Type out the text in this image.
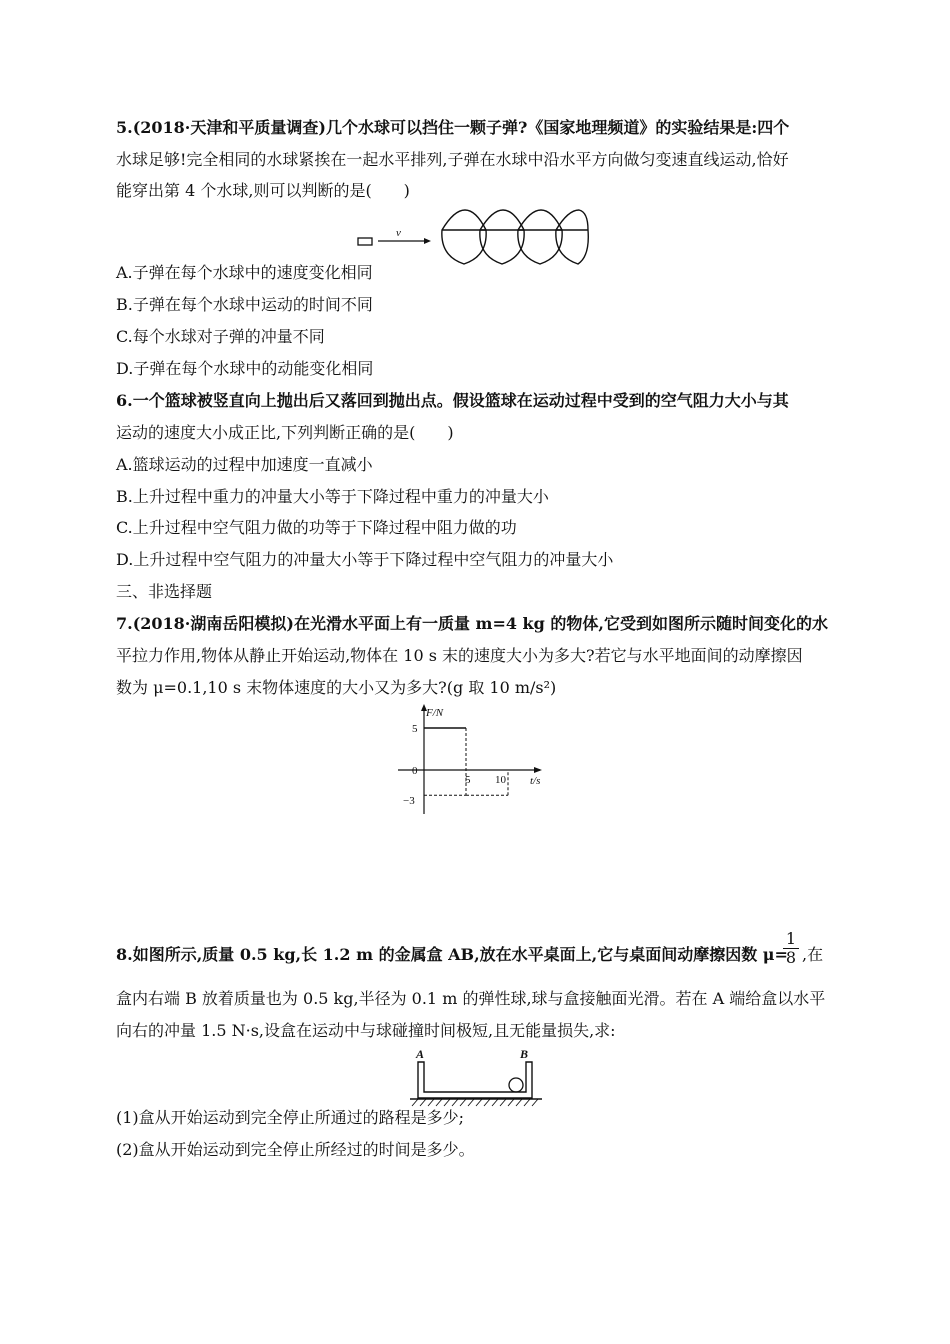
5.(2018·天津和平质量调查)几个水球可以挡住一颗子弹?《国家地理频道》的实验结果是:四个
水球足够!完全相同的水球紧挨在一起水平排列,子弹在水球中沿水平方向做匀变速直线运动,恰好
能穿出第 4 个水球,则可以判断的是(　　)
v
A.子弹在每个水球中的速度变化相同
B.子弹在每个水球中运动的时间不同
C.每个水球对子弹的冲量不同
D.子弹在每个水球中的动能变化相同
6.一个篮球被竖直向上抛出后又落回到抛出点。假设篮球在运动过程中受到的空气阻力大小与其
运动的速度大小成正比,下列判断正确的是(　　)
A.篮球运动的过程中加速度一直减小
B.上升过程中重力的冲量大小等于下降过程中重力的冲量大小
C.上升过程中空气阻力做的功等于下降过程中阻力做的功
D.上升过程中空气阻力的冲量大小等于下降过程中空气阻力的冲量大小
三、非选择题
7.(2018·湖南岳阳模拟)在光滑水平面上有一质量 m=4 kg 的物体,它受到如图所示随时间变化的水
平拉力作用,物体从静止开始运动,物体在 10 s 末的速度大小为多大?若它与水平地面间的动摩擦因
数为 μ=0.1,10 s 末物体速度的大小又为多大?(g 取 10 m/s²)
F/N
t/s
5
0
−3
5 10
8.如图所示,质量 0.5 kg,长 1.2 m 的金属盒 AB,放在水平桌面上,它与桌面间动摩擦因数 μ=
1
8 ,在
盒内右端 B 放着质量也为 0.5 kg,半径为 0.1 m 的弹性球,球与盒接触面光滑。若在 A 端给盒以水平
向右的冲量 1.5 N·s,设盒在运动中与球碰撞时间极短,且无能量损失,求:
A	B
(1)盒从开始运动到完全停止所通过的路程是多少;
(2)盒从开始运动到完全停止所经过的时间是多少。
